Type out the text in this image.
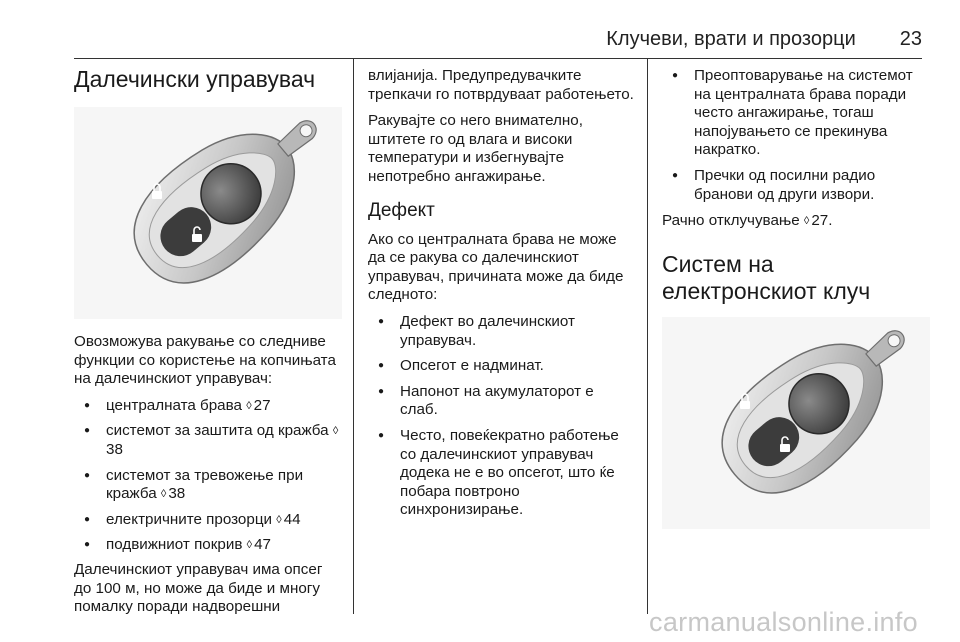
Клучеви, врати и прозорци 23
Далечински управувач

Овозможува ракување со следниве функции со користење на копчињата на далечинскиот управувач:

● централната брава ◊ 27
● системот за заштита од кражба ◊38
● системот за тревожење при кражба ◊ 38
● електричните прозорци ◊ 44
● подвижниот покрив ◊ 47

Далечинскиот управувач има опсег до 100 м, но може да биде и многу помалку поради надворешни

влијанија. Предупредувачките трепкачи го потврдуваат работењето.

Ракувајте со него внимателно, штитете го од влага и високи температури и избегнувајте непотребно ангажирање.

Дефект

Ако со централната брава не може да се ракува со далечинскиот управувач, причината може да биде следното:

● Дефект во далечинскиот управувач.
● Опсегот е надминат.
● Напонот на акумулаторот е слаб.
● Често, повеќекратно работење со далечинскиот управувач додека не е во опсегот, што ќе побара повтроно синхронизирање.
● Преоптоварување на системот на централната брава поради често ангажирање, тогаш напојувањето се прекинува накратко.
● Пречки од посилни радио бранови од други извори.

Рачно отклучување ◊ 27.

Систем на електронскиот клуч
carmanualsonline.info
